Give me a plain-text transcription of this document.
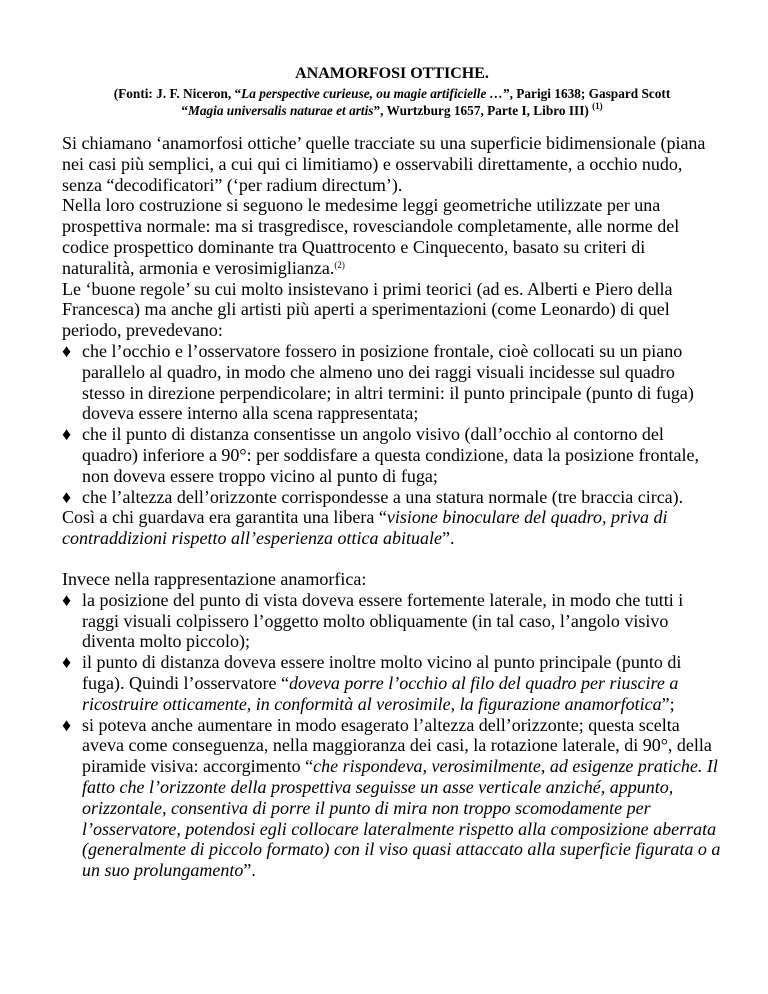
ANAMORFOSI OTTICHE.
(Fonti: J. F. Niceron, “La perspective curieuse, ou magie artificielle …”, Parigi 1638; Gaspard Scott
“Magia universalis naturae et artis”, Wurtzburg 1657, Parte I, Libro III) $^{(1)}$

Si chiamano ‘anamorfosi ottiche’ quelle tracciate su una superficie bidimensionale (piana nei casi più semplici, a cui qui ci limitiamo) e osservabili direttamente, a occhio nudo, senza “decodificatori” (‘per radium directum’).

Nella loro costruzione si seguono le medesime leggi geometriche utilizzate per una prospettiva normale: ma si trasgredisce, rovesciandole completamente, alle norme del codice prospettico dominante tra Quattrocento e Cinquecento, basato su criteri di naturalità, armonia e verosimiglianza.$^{(2)}$

Le ‘buone regole’ su cui molto insistevano i primi teorici (ad es. Alberti e Piero della Francesca) ma anche gli artisti più aperti a sperimentazioni (come Leonardo) di quel periodo, prevedevano:

♦ che l’occhio e l’osservatore fossero in posizione frontale, cioè collocati su un piano parallelo al quadro, in modo che almeno uno dei raggi visuali incidesse sul quadro stesso in direzione perpendicolare; in altri termini: il punto principale (punto di fuga) doveva essere interno alla scena rappresentata;
♦ che il punto di distanza consentisse un angolo visivo (dall’occhio al contorno del quadro) inferiore a 90°: per soddisfare a questa condizione, data la posizione frontale, non doveva essere troppo vicino al punto di fuga;
♦ che l’altezza dell’orizzonte corrispondesse a una statura normale (tre braccia circa).

Così a chi guardava era garantita una libera “visione binoculare del quadro, priva di contraddizioni rispetto all’esperienza ottica abituale”.

Invece nella rappresentazione anamorfica:

♦ la posizione del punto di vista doveva essere fortemente laterale, in modo che tutti i raggi visuali colpissero l’oggetto molto obliquamente (in tal caso, l’angolo visivo diventa molto piccolo);
♦ il punto di distanza doveva essere inoltre molto vicino al punto principale (punto di fuga). Quindi l’osservatore “doveva porre l’occhio al filo del quadro per riuscire a ricostruire otticamente, in conformità al verosimile, la figurazione anamorfotica”;
♦ si poteva anche aumentare in modo esagerato l’altezza dell’orizzonte; questa scelta aveva come conseguenza, nella maggioranza dei casi, la rotazione laterale, di 90°, della piramide visiva: accorgimento “che rispondeva, verosimilmente, ad esigenze pratiche. Il fatto che l’orizzonte della prospettiva seguisse un asse verticale anziché, appunto, orizzontale, consentiva di porre il punto di mira non troppo scomodamente per l’osservatore, potendosi egli collocare lateralmente rispetto alla composizione aberrata (generalmente di piccolo formato) con il viso quasi attaccato alla superficie figurata o a un suo prolungamento”.
